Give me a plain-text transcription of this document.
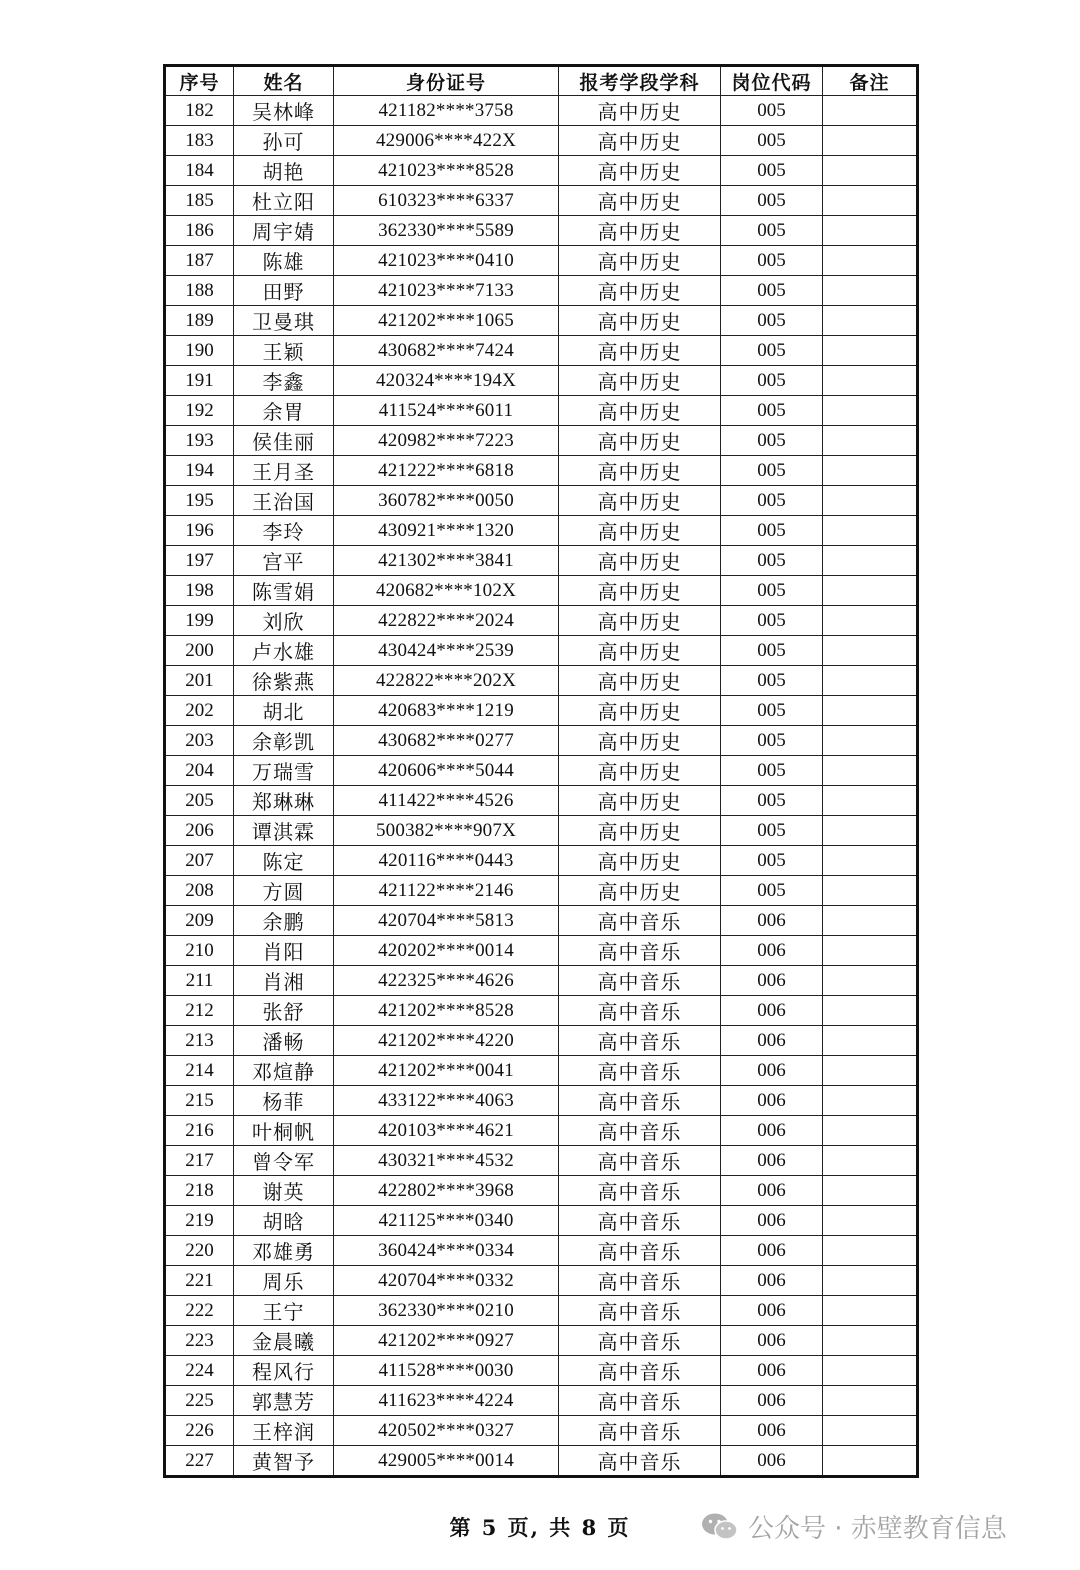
序号	姓名	身份证号	报考学段学科	岗位代码	备注
182	吴林峰	421182****3758	高中历史	005	
183	孙可	429006****422X	高中历史	005	
184	胡艳	421023****8528	高中历史	005	
185	杜立阳	610323****6337	高中历史	005	
186	周宇婧	362330****5589	高中历史	005	
187	陈雄	421023****0410	高中历史	005	
188	田野	421023****7133	高中历史	005	
189	卫曼琪	421202****1065	高中历史	005	
190	王颖	430682****7424	高中历史	005	
191	李鑫	420324****194X	高中历史	005	
192	余胃	411524****6011	高中历史	005	
193	侯佳丽	420982****7223	高中历史	005	
194	王月圣	421222****6818	高中历史	005	
195	王治国	360782****0050	高中历史	005	
196	李玲	430921****1320	高中历史	005	
197	宫平	421302****3841	高中历史	005	
198	陈雪娟	420682****102X	高中历史	005	
199	刘欣	422822****2024	高中历史	005	
200	卢水雄	430424****2539	高中历史	005	
201	徐紫燕	422822****202X	高中历史	005	
202	胡北	420683****1219	高中历史	005	
203	余彰凯	430682****0277	高中历史	005	
204	万瑞雪	420606****5044	高中历史	005	
205	郑琳琳	411422****4526	高中历史	005	
206	谭淇霖	500382****907X	高中历史	005	
207	陈定	420116****0443	高中历史	005	
208	方圆	421122****2146	高中历史	005	
209	余鹏	420704****5813	高中音乐	006	
210	肖阳	420202****0014	高中音乐	006	
211	肖湘	422325****4626	高中音乐	006	
212	张舒	421202****8528	高中音乐	006	
213	潘畅	421202****4220	高中音乐	006	
214	邓煊静	421202****0041	高中音乐	006	
215	杨菲	433122****4063	高中音乐	006	
216	叶桐帆	420103****4621	高中音乐	006	
217	曾令军	430321****4532	高中音乐	006	
218	谢英	422802****3968	高中音乐	006	
219	胡晗	421125****0340	高中音乐	006	
220	邓雄勇	360424****0334	高中音乐	006	
221	周乐	420704****0332	高中音乐	006	
222	王宁	362330****0210	高中音乐	006	
223	金晨曦	421202****0927	高中音乐	006	
224	程风行	411528****0030	高中音乐	006	
225	郭慧芳	411623****4224	高中音乐	006	
226	王梓润	420502****0327	高中音乐	006	
227	黄智予	429005****0014	高中音乐	006	
第 5 页, 共 8 页	公众号 · 赤壁教育信息
